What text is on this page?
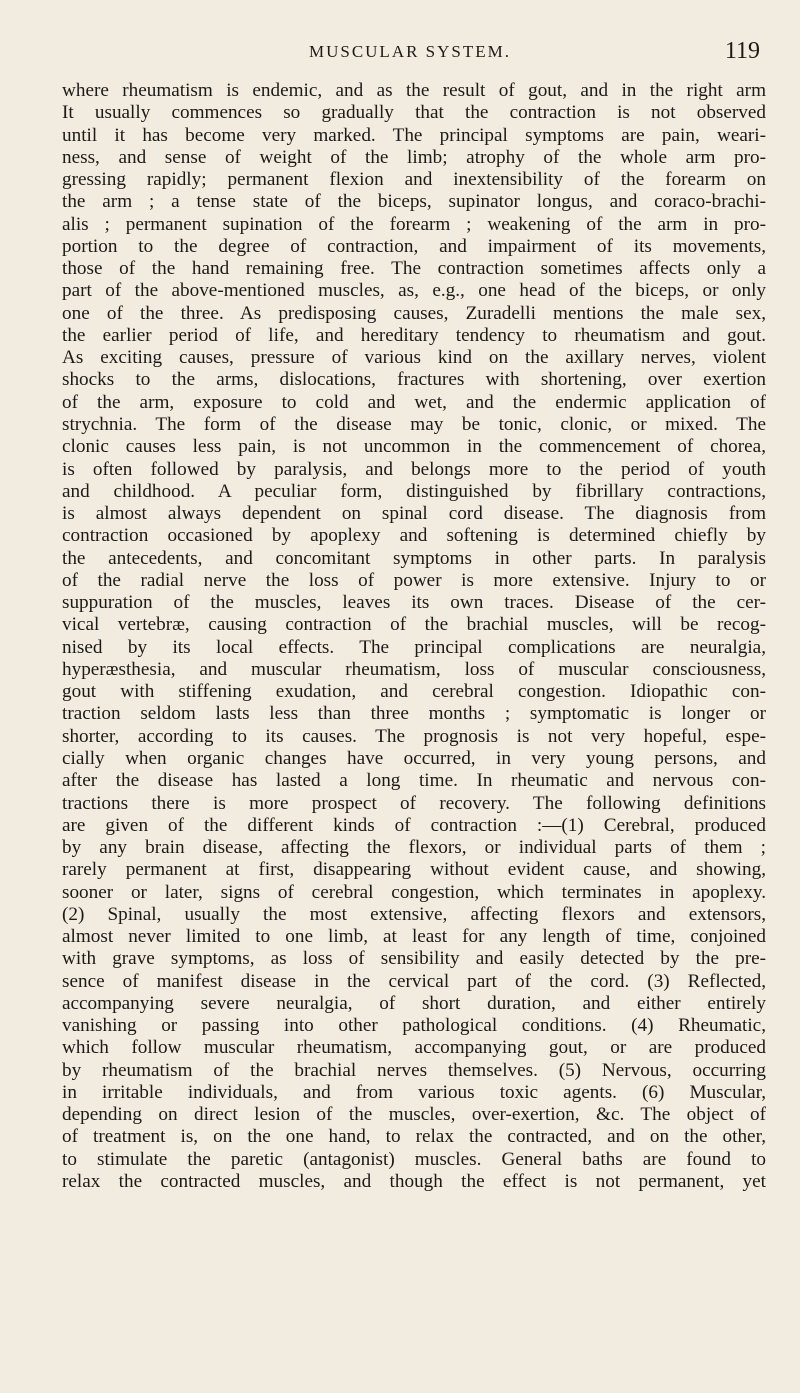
MUSCULAR SYSTEM.	119
where rheumatism is endemic, and as the result of gout, and in the right arm
It usually commences so gradually that the contraction is not observed
until it has become very marked. The principal symptoms are pain, weari-
ness, and sense of weight of the limb; atrophy of the whole arm pro-
gressing rapidly; permanent flexion and inextensibility of the forearm on
the arm ; a tense state of the biceps, supinator longus, and coraco-brachi-
alis ; permanent supination of the forearm ; weakening of the arm in pro-
portion to the degree of contraction, and impairment of its movements,
those of the hand remaining free. The contraction sometimes affects only a
part of the above-mentioned muscles, as, e.g., one head of the biceps, or only
one of the three. As predisposing causes, Zuradelli mentions the male sex,
the earlier period of life, and hereditary tendency to rheumatism and gout.
As exciting causes, pressure of various kind on the axillary nerves, violent
shocks to the arms, dislocations, fractures with shortening, over exertion
of the arm, exposure to cold and wet, and the endermic application of
strychnia. The form of the disease may be tonic, clonic, or mixed. The
clonic causes less pain, is not uncommon in the commencement of chorea,
is often followed by paralysis, and belongs more to the period of youth
and childhood. A peculiar form, distinguished by fibrillary contractions,
is almost always dependent on spinal cord disease. The diagnosis from
contraction occasioned by apoplexy and softening is determined chiefly by
the antecedents, and concomitant symptoms in other parts. In paralysis
of the radial nerve the loss of power is more extensive. Injury to or
suppuration of the muscles, leaves its own traces. Disease of the cer-
vical vertebræ, causing contraction of the brachial muscles, will be recog-
nised by its local effects. The principal complications are neuralgia,
hyperæsthesia, and muscular rheumatism, loss of muscular consciousness,
gout with stiffening exudation, and cerebral congestion. Idiopathic con-
traction seldom lasts less than three months ; symptomatic is longer or
shorter, according to its causes. The prognosis is not very hopeful, espe-
cially when organic changes have occurred, in very young persons, and
after the disease has lasted a long time. In rheumatic and nervous con-
tractions there is more prospect of recovery. The following definitions
are given of the different kinds of contraction :—(1) Cerebral, produced
by any brain disease, affecting the flexors, or individual parts of them ;
rarely permanent at first, disappearing without evident cause, and showing,
sooner or later, signs of cerebral congestion, which terminates in apoplexy.
(2) Spinal, usually the most extensive, affecting flexors and extensors,
almost never limited to one limb, at least for any length of time, conjoined
with grave symptoms, as loss of sensibility and easily detected by the pre-
sence of manifest disease in the cervical part of the cord. (3) Reflected,
accompanying severe neuralgia, of short duration, and either entirely
vanishing or passing into other pathological conditions. (4) Rheumatic,
which follow muscular rheumatism, accompanying gout, or are produced
by rheumatism of the brachial nerves themselves. (5) Nervous, occurring
in irritable individuals, and from various toxic agents. (6) Muscular,
depending on direct lesion of the muscles, over-exertion, &c. The object of
of treatment is, on the one hand, to relax the contracted, and on the other,
to stimulate the paretic (antagonist) muscles. General baths are found to
relax the contracted muscles, and though the effect is not permanent, yet
